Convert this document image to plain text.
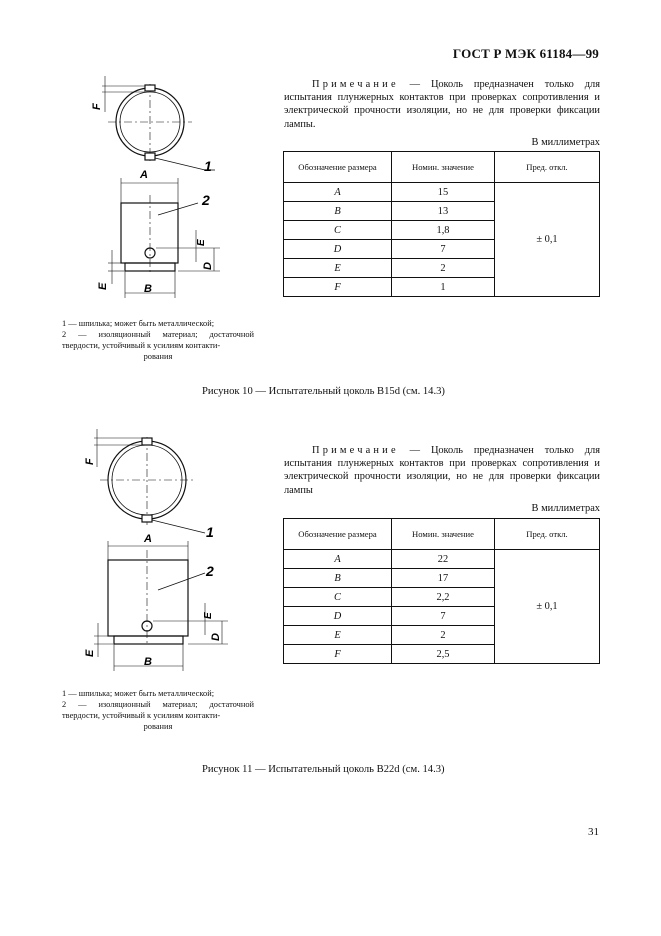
ГОСТ Р МЭК 61184—99
A
B
F
E
D
E
1
2
Примечание — Цоколь предназначен только для испытания плунжерных контактов при проверках сопротивления и электрической прочности изоляции, но не для проверки фиксации лампы.
В миллиметрах
Обозначение размера	Номин. значение	Пред. откл.
A	15	± 0,1
B	13	
C	1,8	
D	7	
E	2	
F	1	
1 — шпилька; может быть металлической;
2 — изоляционный материал; достаточной твердости, устойчивый к усилиям контакти-
рования
Рисунок 10 — Испытательный цоколь B15d (см. 14.3)
A
B
F
E
D
E
1
2
Примечание — Цоколь предназначен только для испытания плунжерных контактов при проверках сопротивления и электрической прочности изоляции, но не для проверки фиксации лампы
В миллиметрах
Обозначение размера	Номин. значение	Пред. откл.
A	22	± 0,1
B	17	
C	2,2	
D	7	
E	2	
F	2,5	
1 — шпилька; может быть металлической;
2 — изоляционный материал; достаточной твердости, устойчивый к усилиям контакти-
рования
Рисунок 11 — Испытательный цоколь B22d (см. 14.3)
31
